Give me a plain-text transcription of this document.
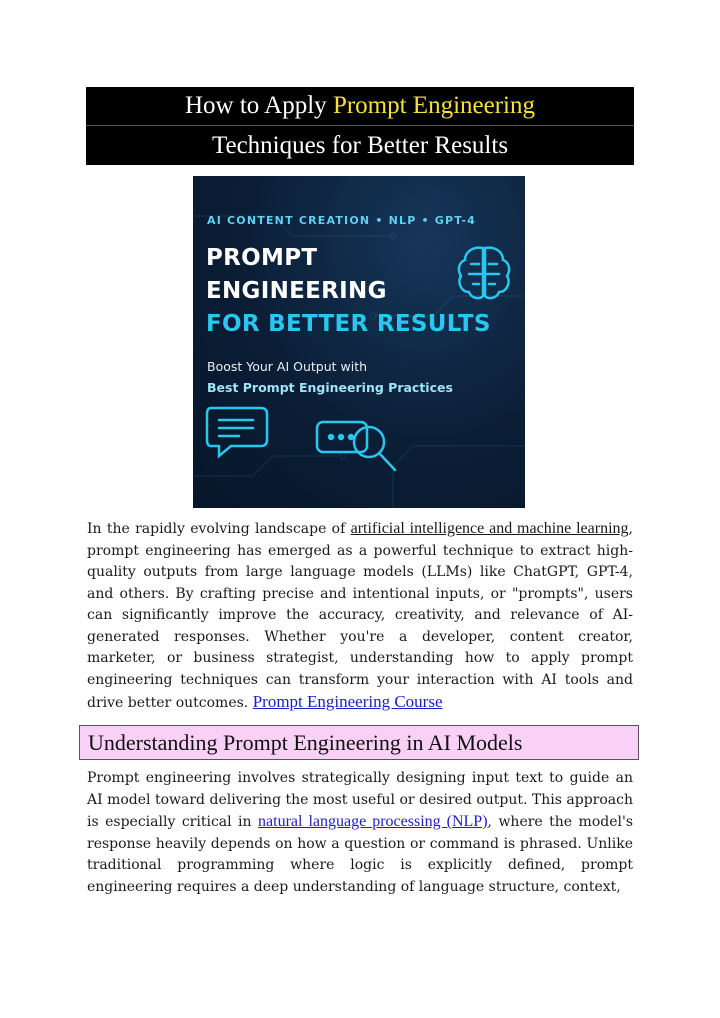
How to Apply Prompt Engineering
Techniques for Better Results
AI CONTENT CREATION • NLP • GPT-4
PROMPT
ENGINEERING
FOR BETTER RESULTS
Boost Your AI Output with
Best Prompt Engineering Practices

In the rapidly evolving landscape of artificial intelligence and machine learning, prompt engineering has emerged as a powerful technique to extract high-quality outputs from large language models (LLMs) like ChatGPT, GPT-4, and others. By crafting precise and intentional inputs, or "prompts", users can significantly improve the accuracy, creativity, and relevance of AI-generated responses. Whether you're a developer, content creator, marketer, or business strategist, understanding how to apply prompt engineering techniques can transform your interaction with AI tools and drive better outcomes. Prompt Engineering Course

Understanding Prompt Engineering in AI Models

Prompt engineering involves strategically designing input text to guide an AI model toward delivering the most useful or desired output. This approach is especially critical in natural language processing (NLP), where the model's response heavily depends on how a question or command is phrased. Unlike traditional programming where logic is explicitly defined, prompt engineering requires a deep understanding of language structure, context,
